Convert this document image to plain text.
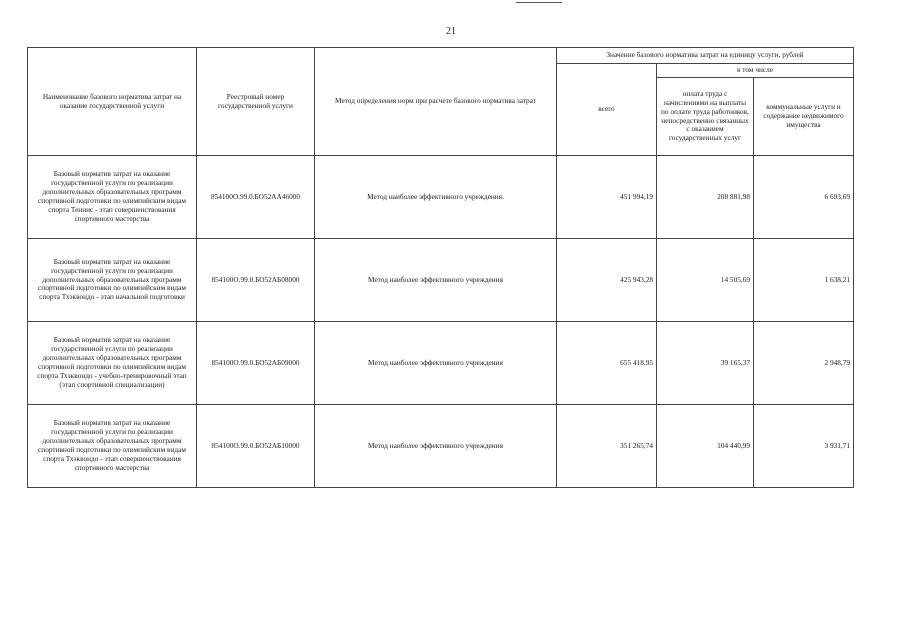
21
Наименование базового норматива затрат на оказание государственной услуги	Реестровый номер государственной услуги	Метод определения норм при расчете базового норматива затрат	Значение базового норматива затрат на единицу услуги, рублей		
			всего	в том числе	
				оплата труда с начислениями на выплаты по оплате труда работников, непосредственно связанных с оказанием государственных услуг	коммунальные услуги и содержание недвижимого имущества
Базовый норматив затрат на оказание государственной услуги по реализации дополнительных образовательных программ спортивной подготовки по олимпийским видам спорта Теннис - этап совершенствования спортивного мастерства	854100О.99.0.БО52АА46000	Метод наиболее эффективного учреждения.	451 994,19	208 881,98	6 693,69
Базовый норматив затрат на оказание государственной услуги по реализации дополнительных образовательных программ спортивной подготовки по олимпийским видам спорта Тхэквондо - этап начальной подготовки	854100О.99.0.БО52АБ08000	Метод наиболее эффективного учреждения	425 943,28	14 505,69	1 638,21
Базовый норматив затрат на оказание государственной услуги по реализации дополнительных образовательных программ спортивной подготовки по олимпийским видам спорта Тхэквондо - учебно-тренировочный этап (этап спортивной специализации)	854100О.99.0.БО52АБ09000	Метод наиболее эффективного учреждения	655 418,95	39 165,37	2 948,79
Базовый норматив затрат на оказание государственной услуги по реализации дополнительных образовательных программ спортивной подготовки по олимпийским видам спорта Тхэквондо - этап совершенствования спортивного мастерства	854100О.99.0.БО52АБ10000	Метод наиболее эффективного учреждения	351 265,74	104 440,99	3 931,71
